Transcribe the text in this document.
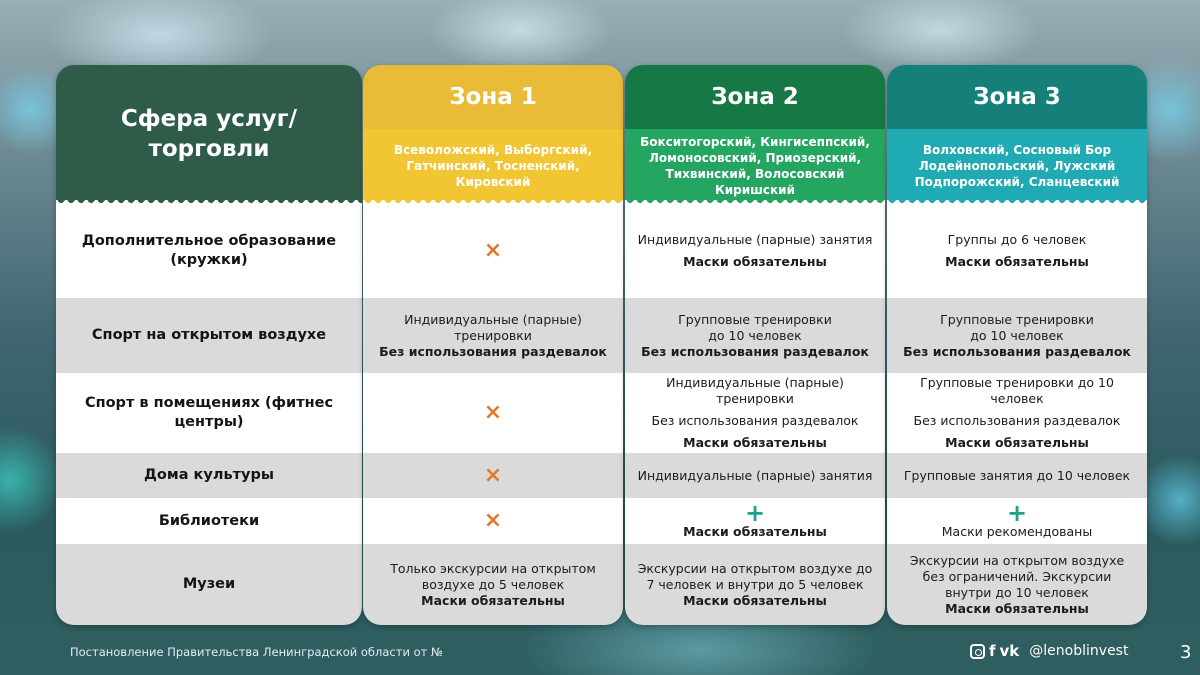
Сфера услуг/торговли
Дополнительное образование (кружки)
Спорт на открытом воздухе
Спорт в помещениях (фитнес центры)
Дома культуры
Библиотеки
Музеи
Зона 1
Всеволожский, Выборгский, Гатчинский, Тосненский, Кировский
×
Индивидуальные (парные) тренировки
Без использования раздевалок
×
×
×
Только экскурсии на открытом
воздухе до 5 человек
Маски обязательны
Зона 2
Бокситогорский, Кингисеппский, Ломоносовский, Приозерский, Тихвинский, Волосовский Киришский
Индивидуальные (парные) занятия
Маски обязательны
Групповые тренировки
до 10 человек
Без использования раздевалок
Индивидуальные (парные) тренировки
Без использования раздевалок
Маски обязательны
Индивидуальные (парные) занятия
+
Маски обязательны
Экскурсии на открытом воздухе до
7 человек и внутри до 5 человек
Маски обязательны
Зона 3
Волховский, Сосновый Бор Лодейнопольский, Лужский Подпорожский, Сланцевский
Группы до 6 человек
Маски обязательны
Групповые тренировки
до 10 человек
Без использования раздевалок
Групповые тренировки до 10 человек
Без использования раздевалок
Маски обязательны
Групповые занятия до 10 человек
+
Маски рекомендованы
Экскурсии на открытом воздухе
без ограничений. Экскурсии
внутри до 10 человек
Маски обязательны
Постановление Правительства Ленинградской области от №	f vk @lenoblinvest	3
